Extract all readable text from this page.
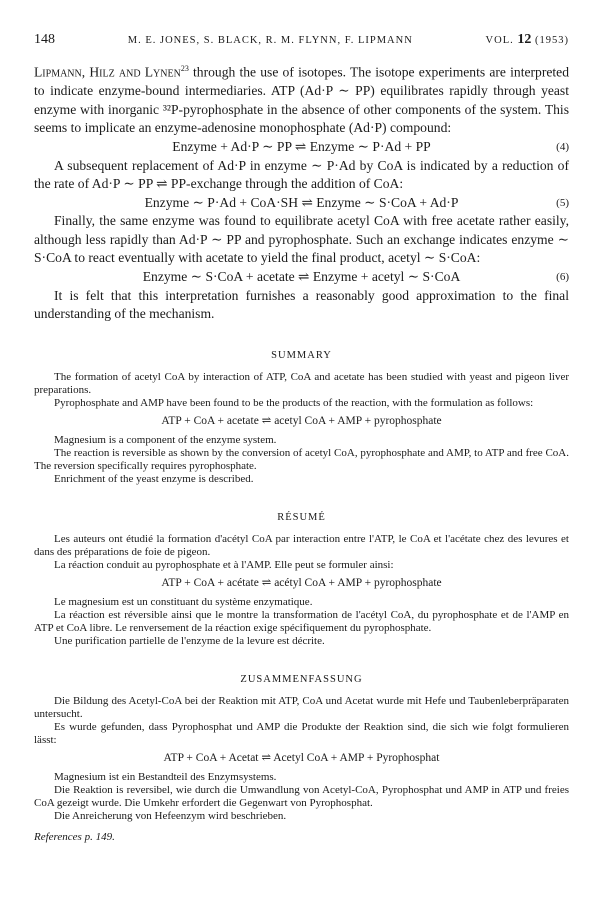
148	M. E. JONES, S. BLACK, R. M. FLYNN, F. LIPMANN	VOL. 12 (1953)

Lipmann, Hilz and Lynen$^{23}$ through the use of isotopes. The isotope experiments are interpreted to indicate enzyme-bound intermediaries. ATP (Ad·P ∼ PP) equilibrates rapidly through yeast enzyme with inorganic ³²P-pyrophosphate in the absence of other components of the system. This seems to implicate an enzyme-adenosine monophosphate (Ad·P) compound:

Enzyme + Ad·P ∼ PP ⇌ Enzyme ∼ P·Ad + PP	(4)

A subsequent replacement of Ad·P in enzyme ∼ P·Ad by CoA is indicated by a reduction of the rate of Ad·P ∼ PP ⇌ PP-exchange through the addition of CoA:

Enzyme ∼ P·Ad + CoA·SH ⇌ Enzyme ∼ S·CoA + Ad·P	(5)

Finally, the same enzyme was found to equilibrate acetyl CoA with free acetate rather easily, although less rapidly than Ad·P ∼ PP and pyrophosphate. Such an exchange indicates enzyme ∼ S·CoA to react eventually with acetate to yield the final product, acetyl ∼ S·CoA:

Enzyme ∼ S·CoA + acetate ⇌ Enzyme + acetyl ∼ S·CoA	(6)

It is felt that this interpretation furnishes a reasonably good approximation to the final understanding of the mechanism.

SUMMARY

The formation of acetyl CoA by interaction of ATP, CoA and acetate has been studied with yeast and pigeon liver preparations.

Pyrophosphate and AMP have been found to be the products of the reaction, with the formulation as follows:

ATP + CoA + acetate ⇌ acetyl CoA + AMP + pyrophosphate

Magnesium is a component of the enzyme system.

The reaction is reversible as shown by the conversion of acetyl CoA, pyrophosphate and AMP, to ATP and free CoA. The reversion specifically requires pyrophosphate.

Enrichment of the yeast enzyme is described.

RÉSUMÉ

Les auteurs ont étudié la formation d'acétyl CoA par interaction entre l'ATP, le CoA et l'acétate chez des levures et dans des préparations de foie de pigeon.

La réaction conduit au pyrophosphate et à l'AMP. Elle peut se formuler ainsi:

ATP + CoA + acétate ⇌ acétyl CoA + AMP + pyrophosphate

Le magnesium est un constituant du système enzymatique.

La réaction est réversible ainsi que le montre la transformation de l'acétyl CoA, du pyrophosphate et de l'AMP en ATP et CoA libre. Le renversement de la réaction exige spécifiquement du pyrophosphate.

Une purification partielle de l'enzyme de la levure est décrite.

ZUSAMMENFASSUNG

Die Bildung des Acetyl-CoA bei der Reaktion mit ATP, CoA und Acetat wurde mit Hefe und Taubenleberpräparaten untersucht.

Es wurde gefunden, dass Pyrophosphat und AMP die Produkte der Reaktion sind, die sich wie folgt formulieren lässt:

ATP + CoA + Acetat ⇌ Acetyl CoA + AMP + Pyrophosphat

Magnesium ist ein Bestandteil des Enzymsystems.

Die Reaktion is reversibel, wie durch die Umwandlung von Acetyl-CoA, Pyrophosphat und AMP in ATP und freies CoA gezeigt wurde. Die Umkehr erfordert die Gegenwart von Pyrophosphat.

Die Anreicherung von Hefeenzym wird beschrieben.

References p. 149.
